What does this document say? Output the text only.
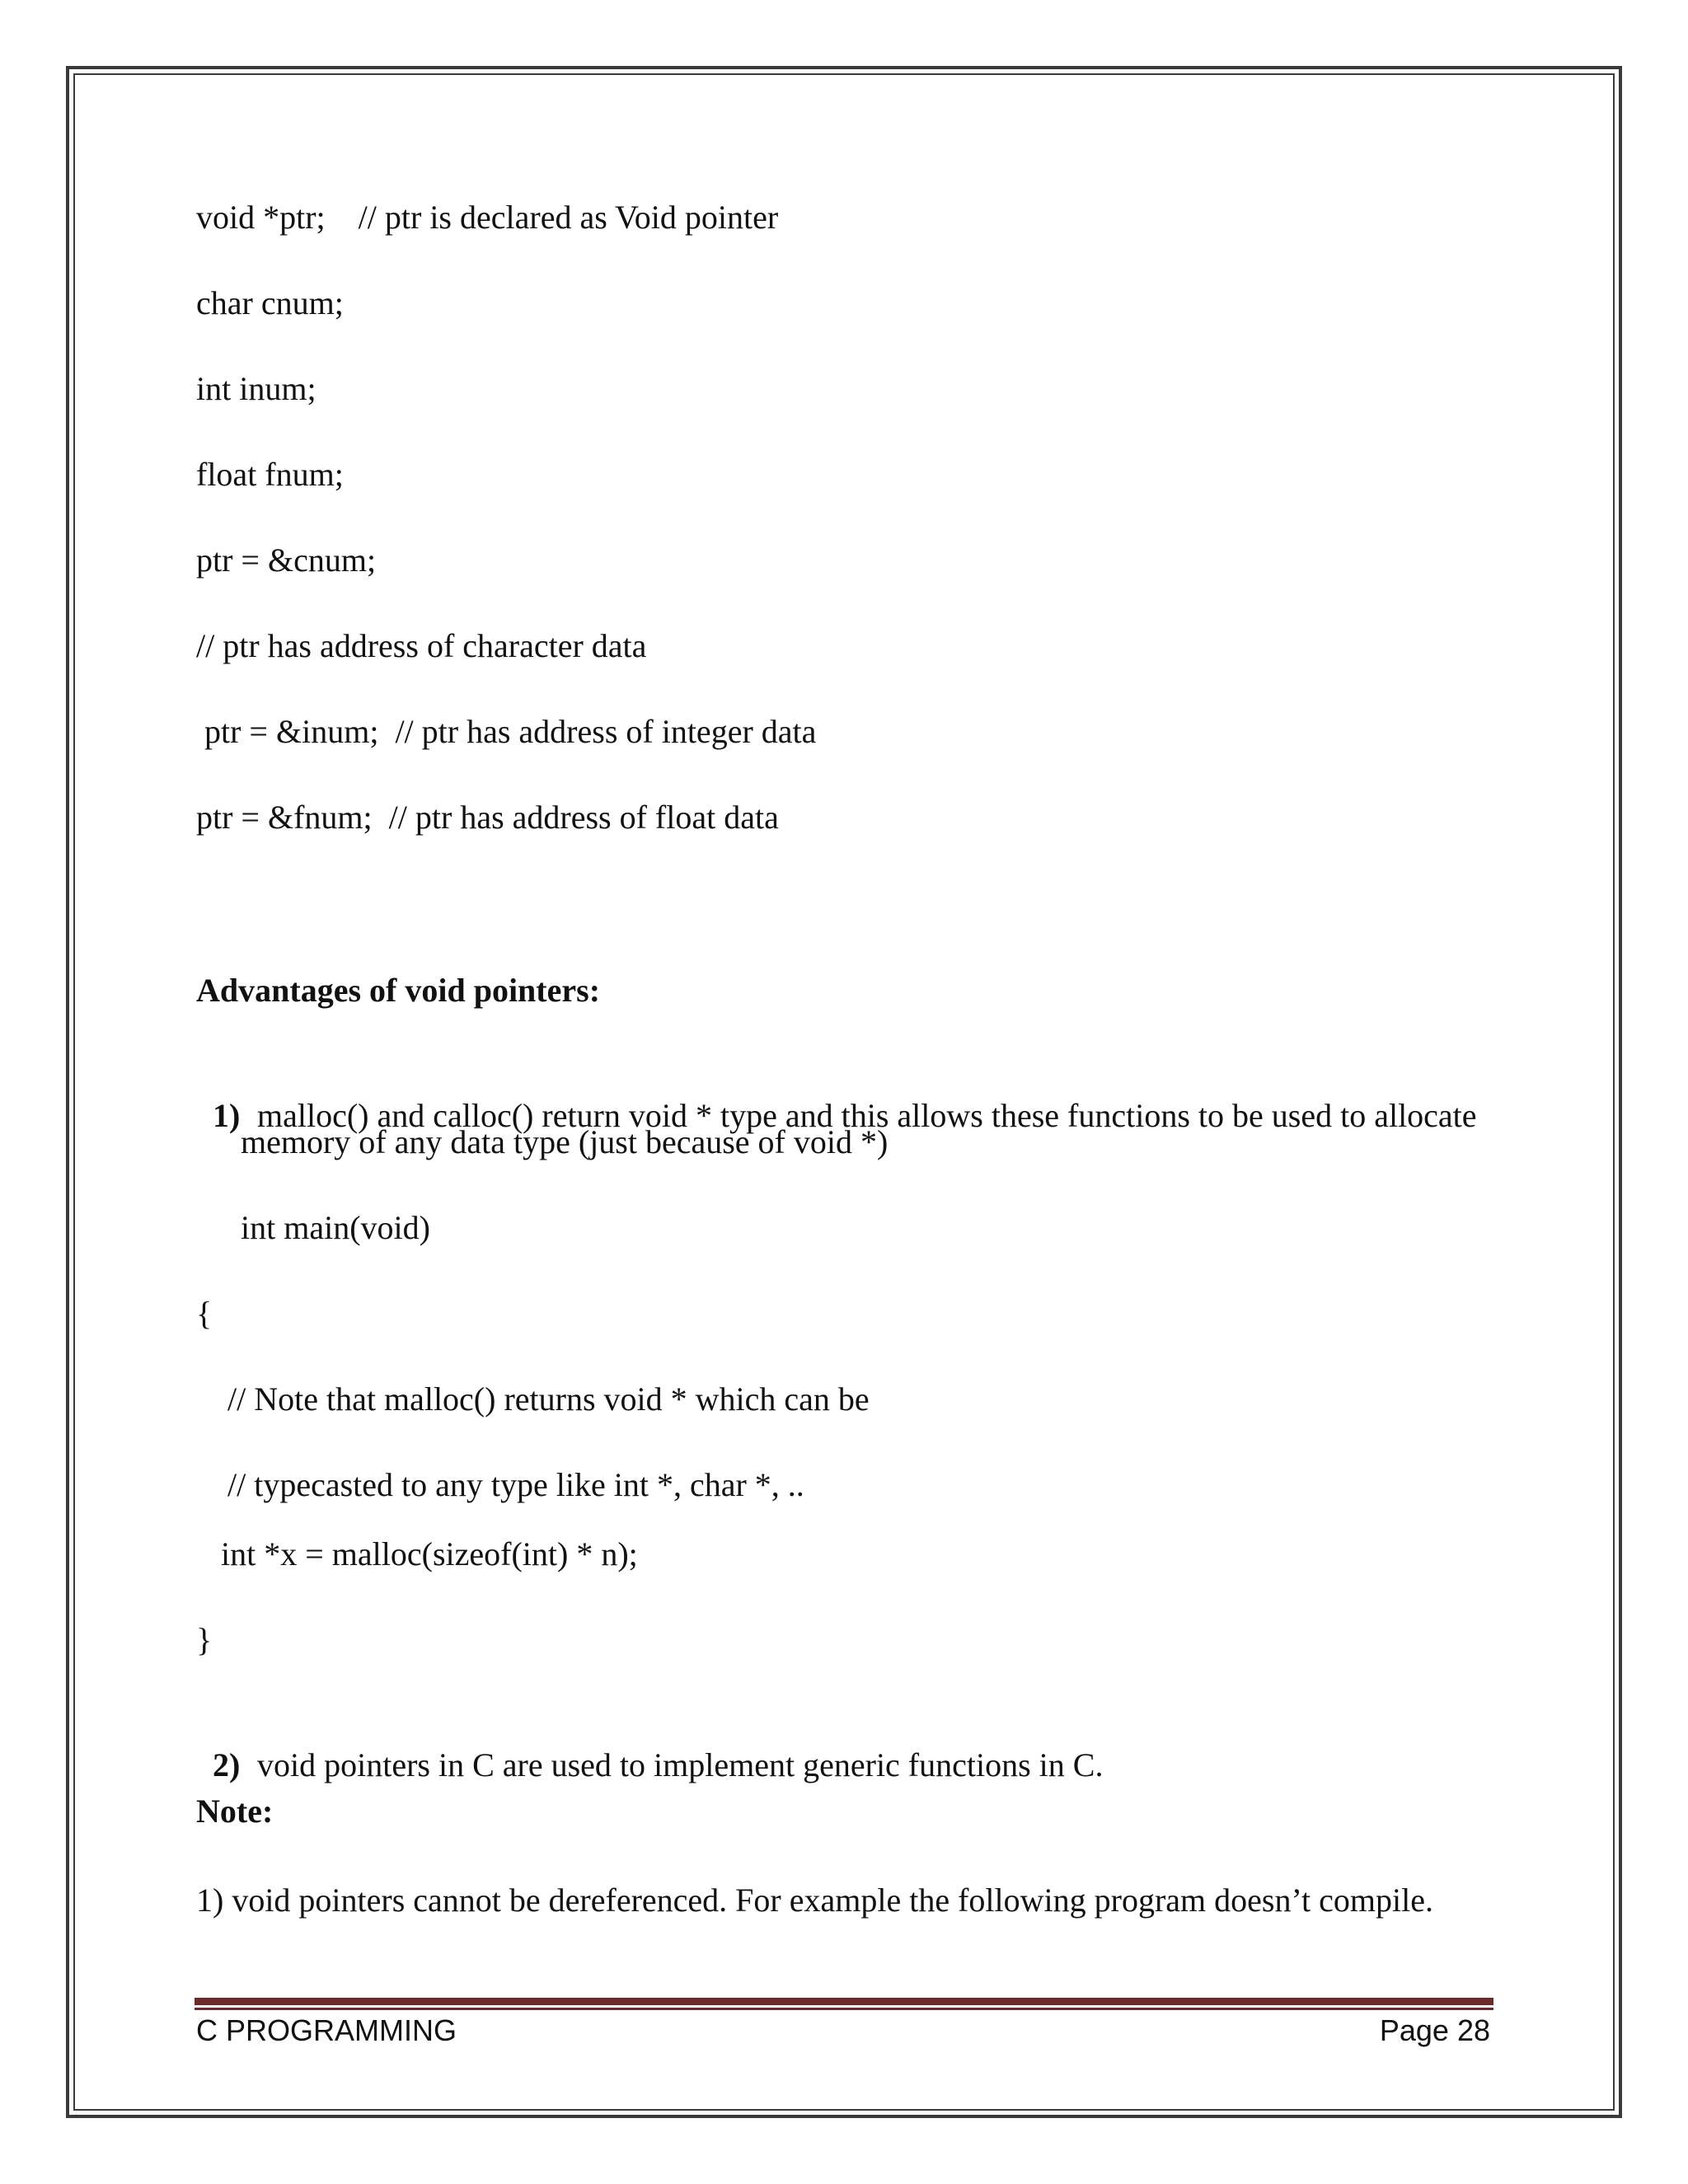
void *ptr;    // ptr is declared as Void pointer
char cnum;
int inum;
float fnum;
ptr = &cnum;
// ptr has address of character data
ptr = &inum;  // ptr has address of integer data
ptr = &fnum;  // ptr has address of float data
Advantages of void pointers:

1) malloc() and calloc() return void * type and this allows these functions to be used to allocate

memory of any data type (just because of void *)
int main(void)
{
// Note that malloc() returns void * which can be
// typecasted to any type like int *, char *, ..
int *x = malloc(sizeof(int) * n);
}

2) void pointers in C are used to implement generic functions in C.

Note:
1) void pointers cannot be dereferenced. For example the following program doesn’t compile.
C PROGRAMMING	Page 28
